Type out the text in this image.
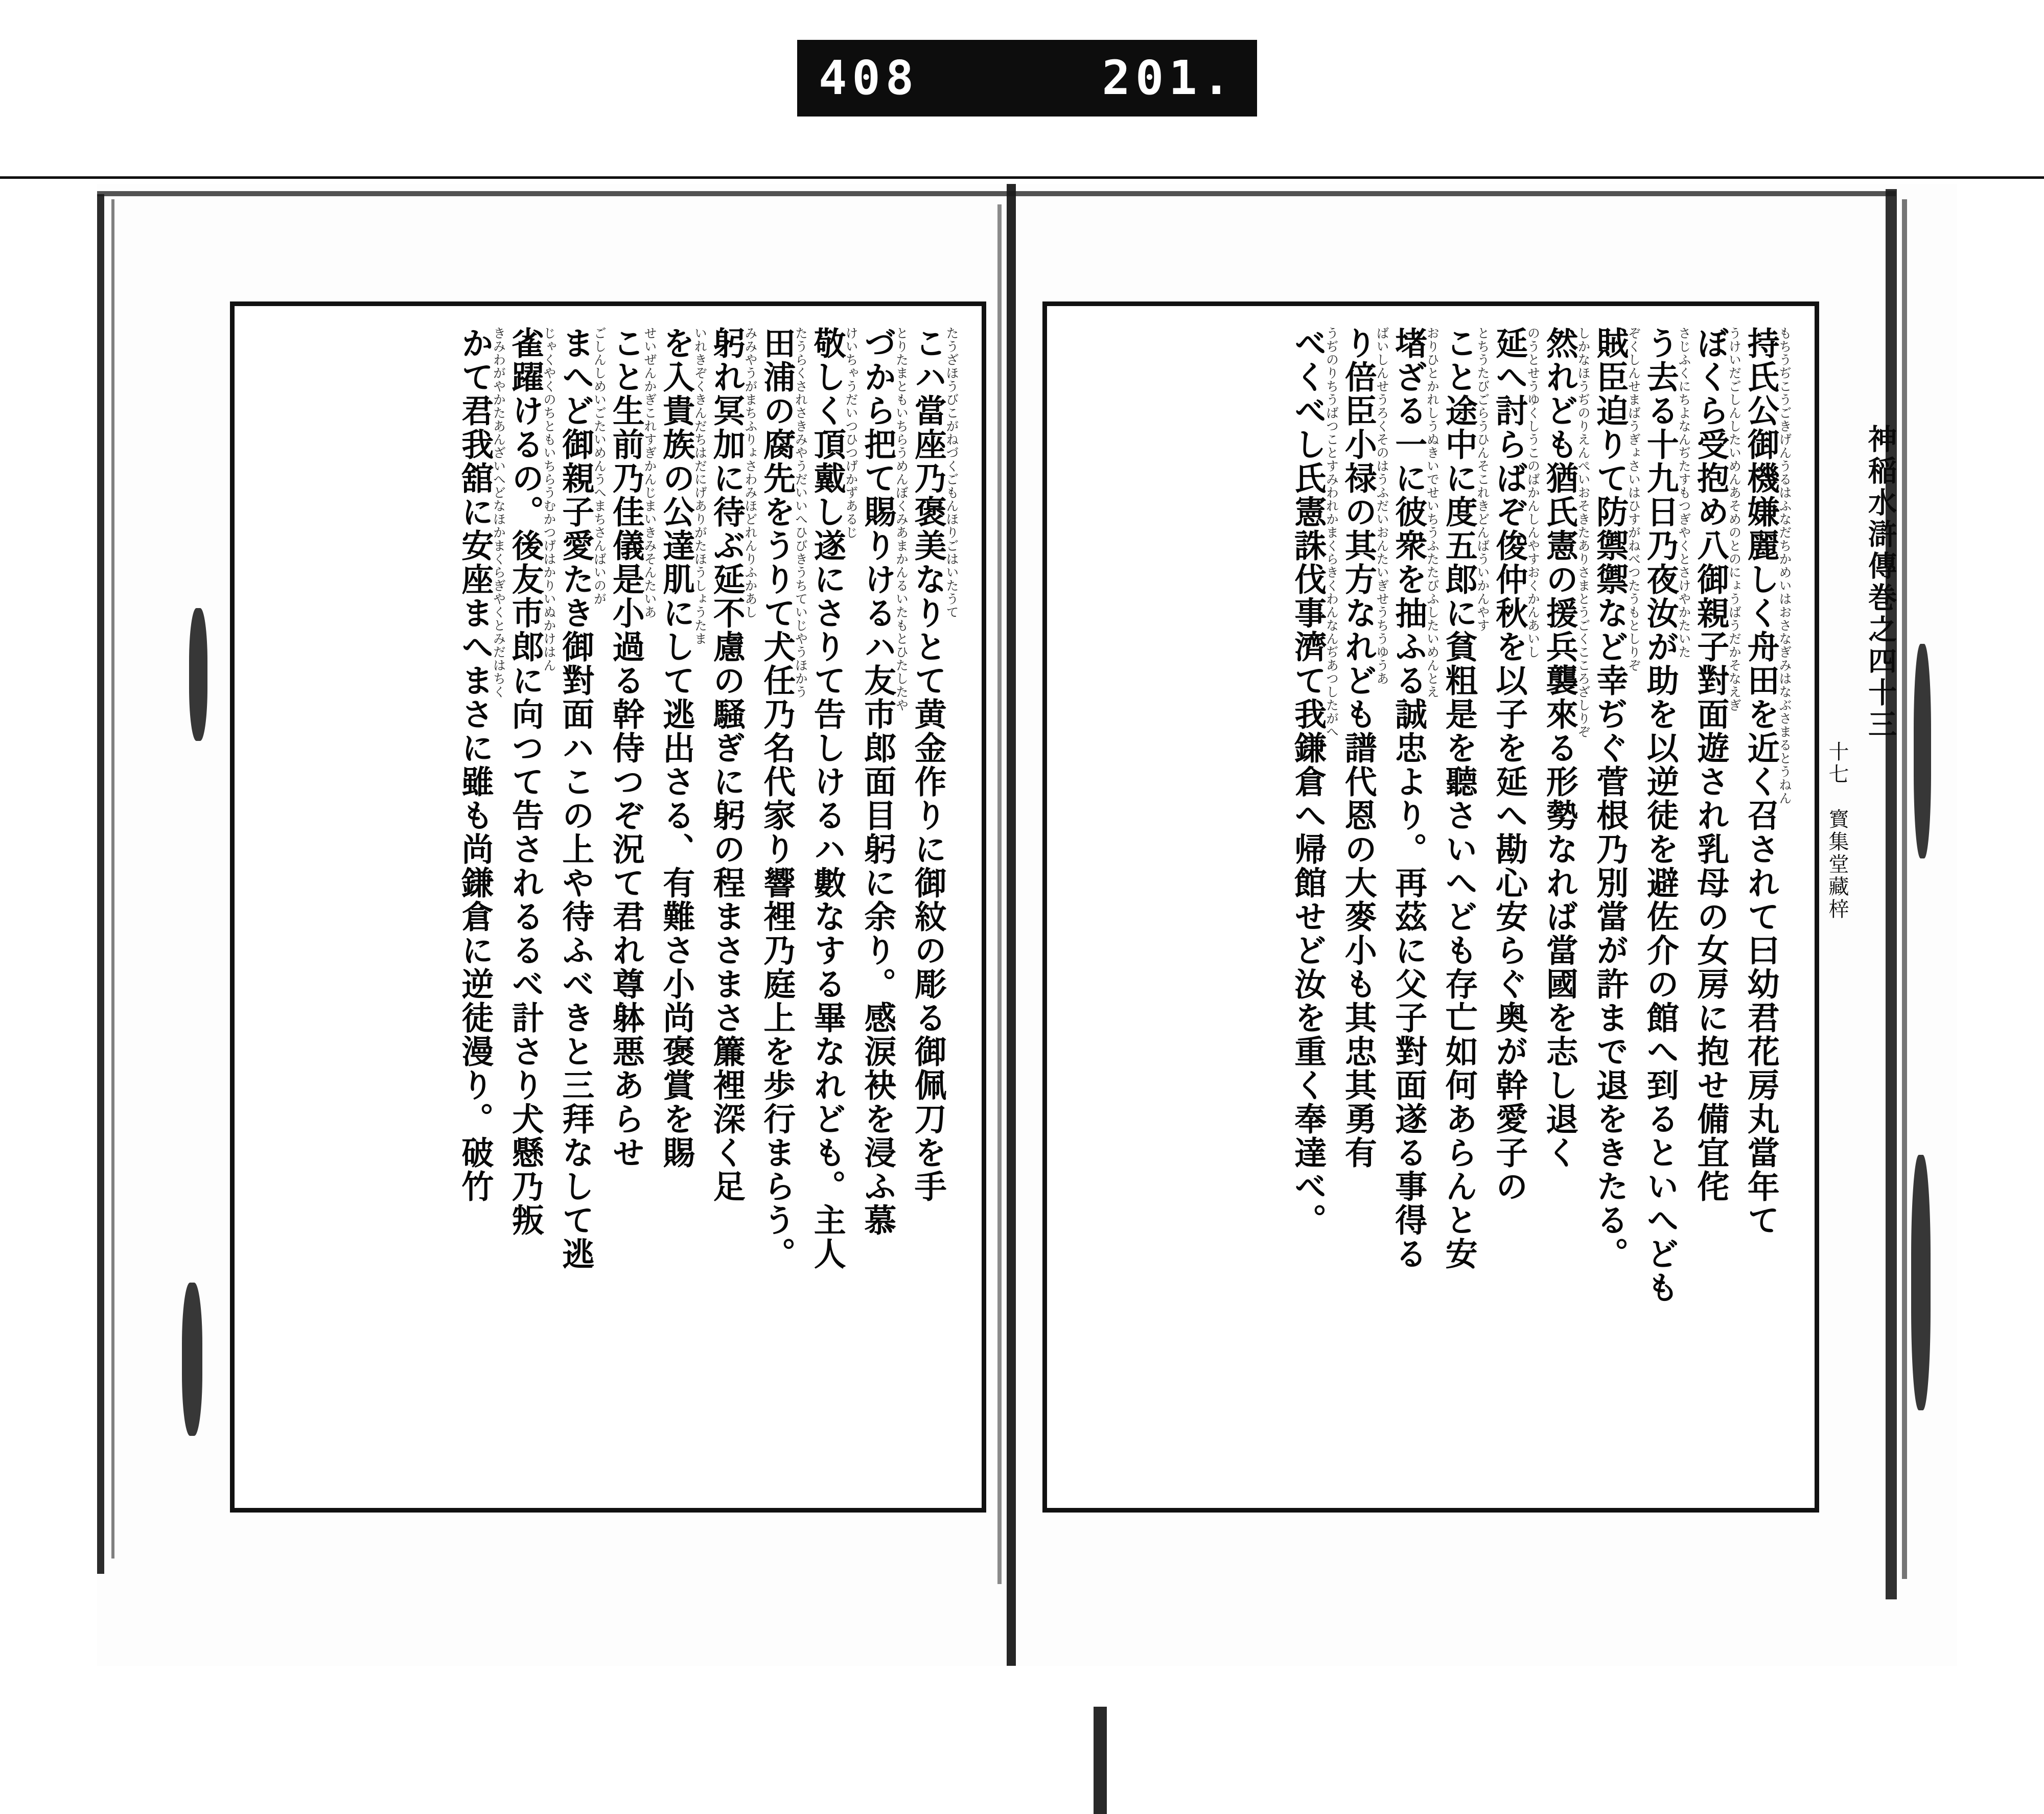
408	201.
持氏公御機嫌麗しく舟田を近く召されて曰幼君花房丸當年て
もちうぢこうごきげんうるはふなだちかめいはおさなぎみはなぶさまるとうねん
ぼくら受抱め八御親子對面遊され乳母の女房に抱せ備宜侘
うけいだごしんしたいめんあそめのとのにょうばうだかそなえぎ
う去る十九日乃夜汝が助を以逆徒を避佐介の館へ到るといへども
さじふくにちよなんぢたすもつぎやくとさけやかたいた
賊臣迫りて防禦禦など幸ぢぐ菅根乃別當が許まで退をきたる。
ぞくしんせまばうぎょさいはひすがねべつたうもとしりぞ
然れども猶氏憲の援兵襲來る形勢なれば當國を志し退く
しかなほうぢのりえんぺいおそきたありさまとうごくこころざしりぞ
延へ討らばぞ俊仲秋を以子を延へ勘心安らぐ奥が幹愛子の
のうとせうゆくしうこのばかんしんやすおくかんあいし
こと途中に度五郎に貧粗是を聽さいへども存亡如何あらんと安
とちうたびごらうひんそこれきどんばういかんやす
堵ざる一に彼衆を抽ふる誠忠より。再茲に父子對面遂る事得る
おりひとかれしうぬきいでせいちうふたたびふしたいめんとえ
り倍臣小禄の其方なれども譜代恩の大麥小も其忠其勇有
ばいしんせうろくそのはうふだいおんたいぎせうちうゆうあ
べくべし氏憲誅伐事濟て我鎌倉へ帰館せど汝を重く奉達べ。
うぢのりちうばつことすみわれかまくらきくわんなんぢあつしたがへ
こハ當座乃褒美なりとて黄金作りに御紋の彫る御佩刀を手
たうざほうびこがねづくごもんほりごはいたうて
づから把て賜りけるハ友市郎面目躬に余り。感涙袂を浸ふ慕
とりたまともいちらうめんぼくみあまかんるいたもとひたしたや
敬しく頂戴し遂にさりて告しけるハ數なする畢なれども。主人
けいちゃうだいつひつげかずあるじ
田浦の腐先をうりて犬任乃名代家り響裡乃庭上を歩行まらう。
たうらくされさきみやうだいいへひびきうちていじやうほかう
躬れ冥加に待ぶ延不慮の騒ぎに躬の程まさまさ簾裡深く足
みみやうがまちふりょさわみほどれんりふかあし
を入貴族の公達肌にして逃出さる、有難さ小尚褒賞を賜
いれきぞくきんだちはだにげありがたほうしょうたま
こと生前乃佳儀是小過る幹侍つぞ況て君れ尊躰悪あらせ
せいぜんかぎこれすぎかんじまいきみそんたいあ
まへど御親子愛たき御對面ハこの上や待ふべきと三拜なして逃
ごしんしめいごたいめんうへまちさんばいのが
雀躍けるの。後友市郎に向つて告されるるべ計さり犬懸乃叛
じゃくやくのちともいちらうむかつげはかりいぬかけはん
かて君我舘に安座まへまさに雖も尚鎌倉に逆徒漫り。破竹
きみわがやかたあんざいへどなほかまくらぎやくとみだはちく	神稲水滸傳巻之四十三
十七　寳集堂藏梓
